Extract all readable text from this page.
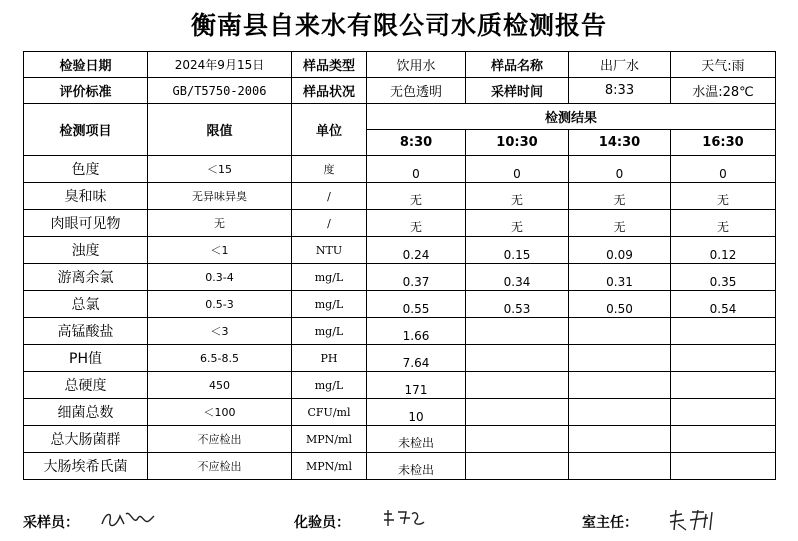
衡南县自来水有限公司水质检测报告
检验日期	2024年9月15日	样品类型	饮用水	样品名称	出厂水	天气:雨
评价标准	GB/T5750-2006	样品状况	无色透明	采样时间	8:33	水温:28℃
检测项目	限值	单位	检测结果			
			8:30	10:30	14:30	16:30
色度	＜15	度	0	0	0	0
臭和味	无异味异臭	/	无	无	无	无
肉眼可见物	无	/	无	无	无	无
浊度	＜1	NTU	0.24	0.15	0.09	0.12
游离余氯	0.3-4	mg/L	0.37	0.34	0.31	0.35
总氯	0.5-3	mg/L	0.55	0.53	0.50	0.54
高锰酸盐	＜3	mg/L	1.66			
PH值	6.5-8.5	PH	7.64			
总硬度	450	mg/L	171			
细菌总数	＜100	CFU/ml	10			
总大肠菌群	不应检出	MPN/ml	未检出			
大肠埃希氏菌	不应检出	MPN/ml	未检出			
采样员：	化验员：	室主任：
